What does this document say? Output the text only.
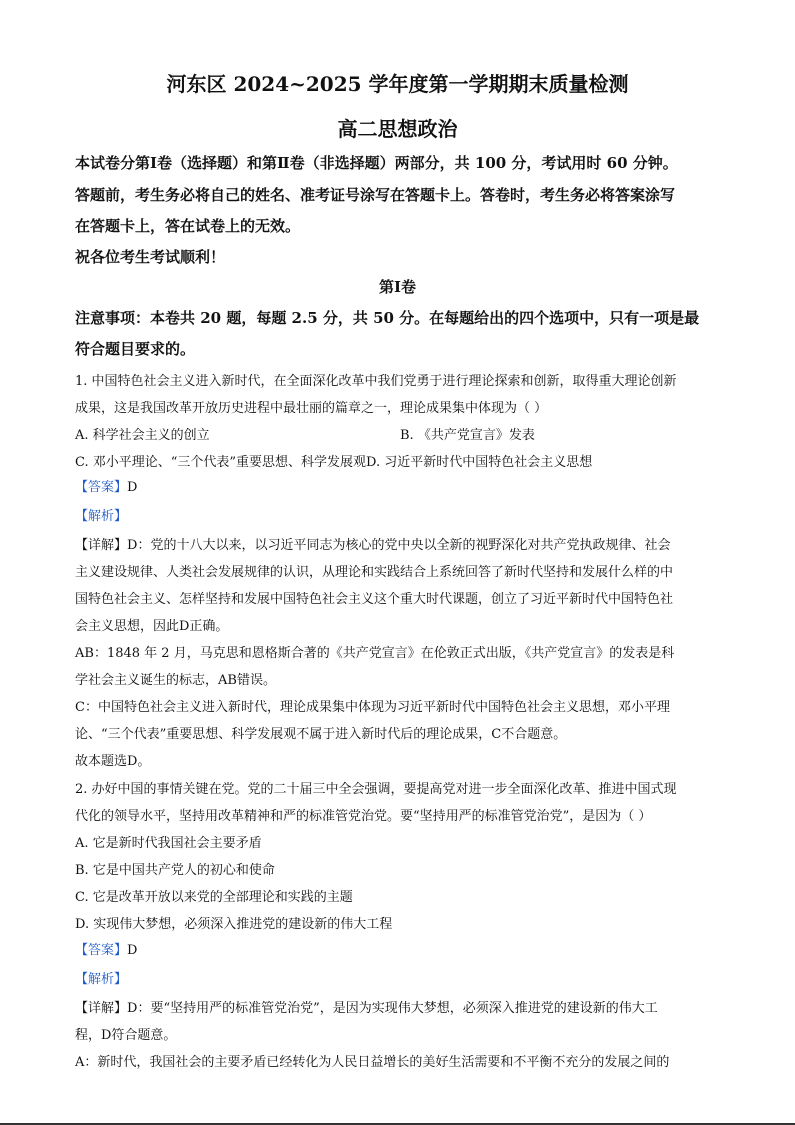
河东区 2024~2025 学年度第一学期期末质量检测
高二思想政治
本试卷分第Ⅰ卷（选择题）和第Ⅱ卷（非选择题）两部分，共 100 分，考试用时 60 分钟。
答题前，考生务必将自己的姓名、准考证号涂写在答题卡上。答卷时，考生务必将答案涂写
在答题卡上，答在试卷上的无效。
祝各位考生考试顺利！
第Ⅰ卷
注意事项：本卷共 20 题，每题 2.5 分，共 50 分。在每题给出的四个选项中，只有一项是最
符合题目要求的。
1. 中国特色社会主义进入新时代，在全面深化改革中我们党勇于进行理论探索和创新，取得重大理论创新
成果，这是我国改革开放历史进程中最壮丽的篇章之一，理论成果集中体现为（ ）
A. 科学社会主义的创立	B. 《共产党宣言》发表
C. 邓小平理论、“三个代表”重要思想、科学发展观D. 习近平新时代中国特色社会主义思想
【答案】D
【解析】
【详解】D：党的十八大以来，以习近平同志为核心的党中央以全新的视野深化对共产党执政规律、社会
主义建设规律、人类社会发展规律的认识，从理论和实践结合上系统回答了新时代坚持和发展什么样的中
国特色社会主义、怎样坚持和发展中国特色社会主义这个重大时代课题，创立了习近平新时代中国特色社
会主义思想，因此D正确。
AB：1848 年 2 月，马克思和恩格斯合著的《共产党宣言》在伦敦正式出版，《共产党宣言》的发表是科
学社会主义诞生的标志，AB错误。
C：中国特色社会主义进入新时代，理论成果集中体现为习近平新时代中国特色社会主义思想，邓小平理
论、“三个代表”重要思想、科学发展观不属于进入新时代后的理论成果，C不合题意。
故本题选D。
2. 办好中国的事情关键在党。党的二十届三中全会强调，要提高党对进一步全面深化改革、推进中国式现
代化的领导水平，坚持用改革精神和严的标准管党治党。要“坚持用严的标准管党治党”，是因为（ ）
A. 它是新时代我国社会主要矛盾
B. 它是中国共产党人的初心和使命
C. 它是改革开放以来党的全部理论和实践的主题
D. 实现伟大梦想，必须深入推进党的建设新的伟大工程
【答案】D
【解析】
【详解】D：要“坚持用严的标准管党治党”，是因为实现伟大梦想，必须深入推进党的建设新的伟大工
程，D符合题意。
A：新时代，我国社会的主要矛盾已经转化为人民日益增长的美好生活需要和不平衡不充分的发展之间的
